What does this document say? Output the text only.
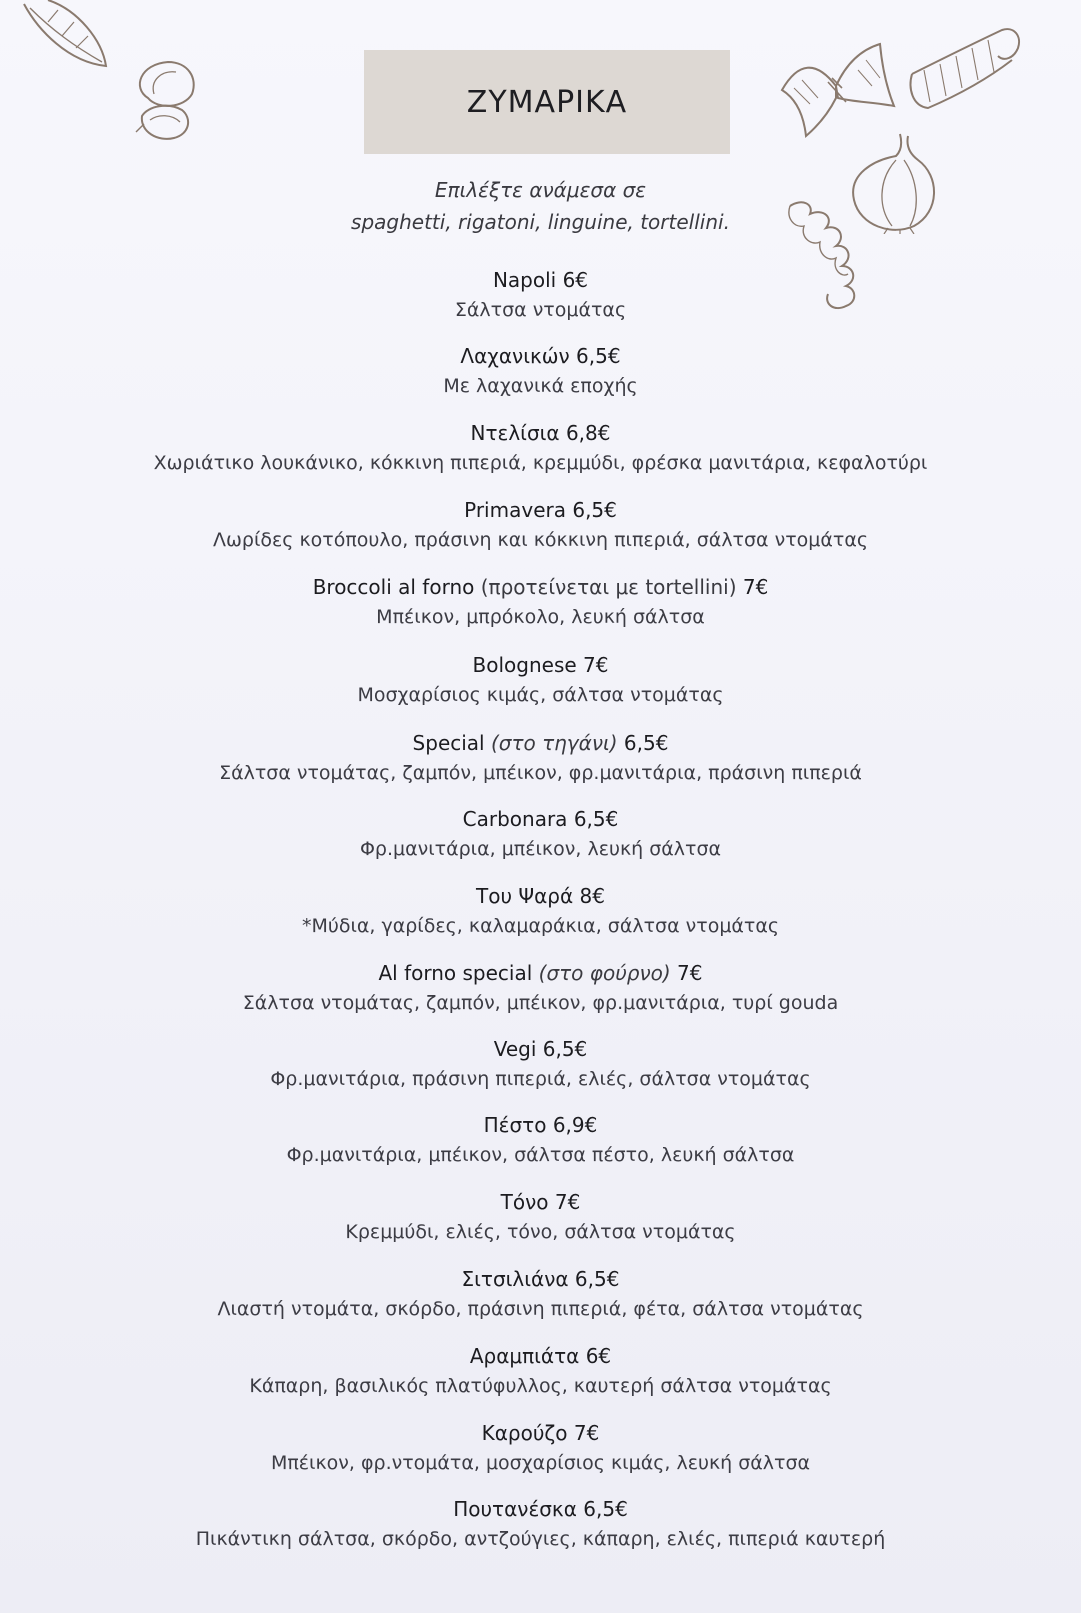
ΖΥΜΑΡΙΚΑ
Επιλέξτε ανάμεσα σε
spaghetti, rigatoni, linguine, tortellini.
Napoli 6€
Σάλτσα ντομάτας
Λαχανικών 6,5€
Με λαχανικά εποχής
Ντελίσια 6,8€
Χωριάτικο λουκάνικο, κόκκινη πιπεριά, κρεμμύδι, φρέσκα μανιτάρια, κεφαλοτύρι
Primavera 6,5€
Λωρίδες κοτόπουλο, πράσινη και κόκκινη πιπεριά, σάλτσα ντομάτας
Broccoli al forno (προτείνεται με tortellini) 7€
Μπέικον, μπρόκολο, λευκή σάλτσα
Bolognese 7€
Μοσχαρίσιος κιμάς, σάλτσα ντομάτας
Special (στο τηγάνι) 6,5€
Σάλτσα ντομάτας, ζαμπόν, μπέικον, φρ.μανιτάρια, πράσινη πιπεριά
Carbonara 6,5€
Φρ.μανιτάρια, μπέικον, λευκή σάλτσα
Του Ψαρά 8€
*Μύδια, γαρίδες, καλαμαράκια, σάλτσα ντομάτας
Al forno special (στο φούρνο) 7€
Σάλτσα ντομάτας, ζαμπόν, μπέικον, φρ.μανιτάρια, τυρί gouda
Vegi 6,5€
Φρ.μανιτάρια, πράσινη πιπεριά, ελιές, σάλτσα ντομάτας
Πέστο 6,9€
Φρ.μανιτάρια, μπέικον, σάλτσα πέστο, λευκή σάλτσα
Τόνο 7€
Κρεμμύδι, ελιές, τόνο, σάλτσα ντομάτας
Σιτσιλιάνα 6,5€
Λιαστή ντομάτα, σκόρδο, πράσινη πιπεριά, φέτα, σάλτσα ντομάτας
Αραμπιάτα 6€
Κάπαρη, βασιλικός πλατύφυλλος, καυτερή σάλτσα ντομάτας
Καρούζο 7€
Μπέικον, φρ.ντομάτα, μοσχαρίσιος κιμάς, λευκή σάλτσα
Πουτανέσκα 6,5€
Πικάντικη σάλτσα, σκόρδο, αντζούγιες, κάπαρη, ελιές, πιπεριά καυτερή
